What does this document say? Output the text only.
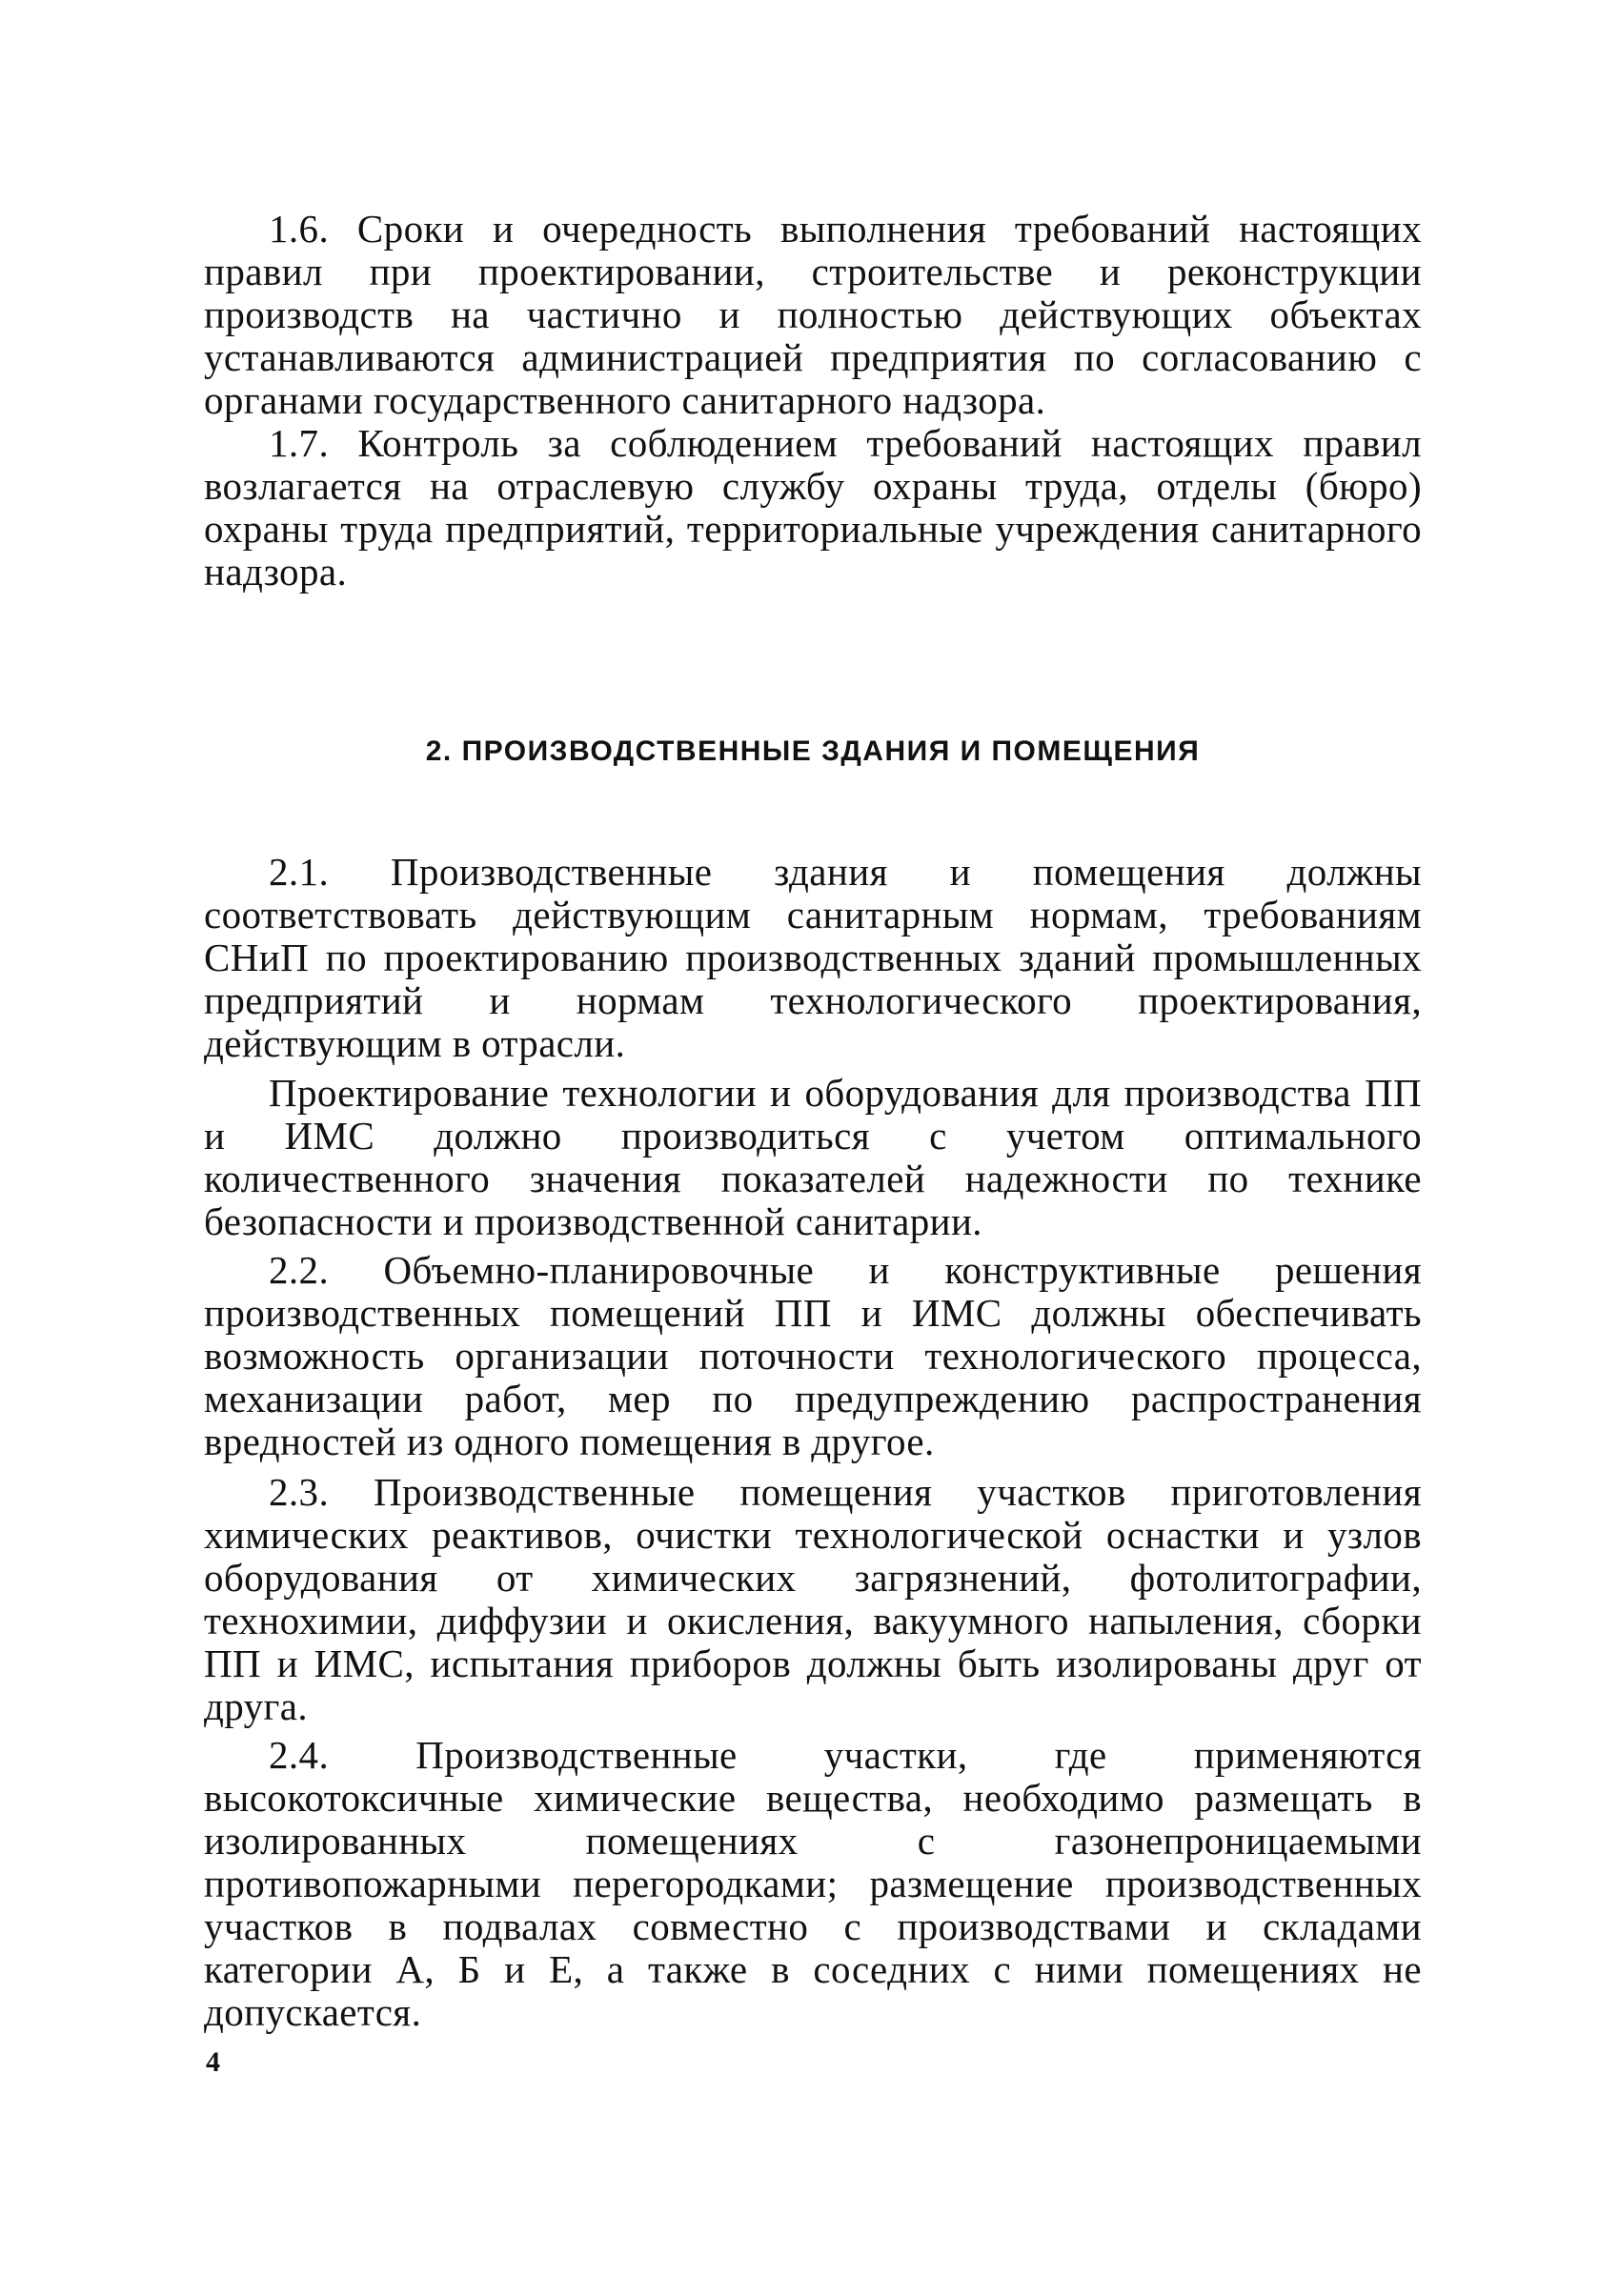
1.6. Сроки и очередность выполнения требований настоящих правил при проектировании, строительстве и реконструкции производств на частично и полностью действующих объектах устанавливаются администрацией предприятия по согласованию с органами государственного санитарного надзора.

1.7. Контроль за соблюдением требований настоящих правил возлагается на отраслевую службу охраны труда, отделы (бюро) охраны труда предприятий, территориальные учреждения санитарного надзора.

2. ПРОИЗВОДСТВЕННЫЕ ЗДАНИЯ И ПОМЕЩЕНИЯ

2.1. Производственные здания и помещения должны соответствовать действующим санитарным нормам, требованиям СНиП по проектированию производственных зданий промышленных предприятий и нормам технологического проектирования, действующим в отрасли.

Проектирование технологии и оборудования для производства ПП и ИМС должно производиться с учетом оптимального количественного значения показателей надежности по технике безопасности и производственной санитарии.

2.2. Объемно-планировочные и конструктивные решения производственных помещений ПП и ИМС должны обеспечивать возможность организации поточности технологического процесса, механизации работ, мер по предупреждению распространения вредностей из одного помещения в другое.

2.3. Производственные помещения участков приготовления химических реактивов, очистки технологической оснастки и узлов оборудования от химических загрязнений, фотолитографии, технохимии, диффузии и окисления, вакуумного напыления, сборки ПП и ИМС, испытания приборов должны быть изолированы друг от друга.

2.4. Производственные участки, где применяются высокотоксичные химические вещества, необходимо размещать в изолированных помещениях с газонепроницаемыми противопожарными перегородками; размещение производственных участков в подвалах совместно с производствами и складами категории А, Б и Е, а также в соседних с ними помещениях не допускается.

4
